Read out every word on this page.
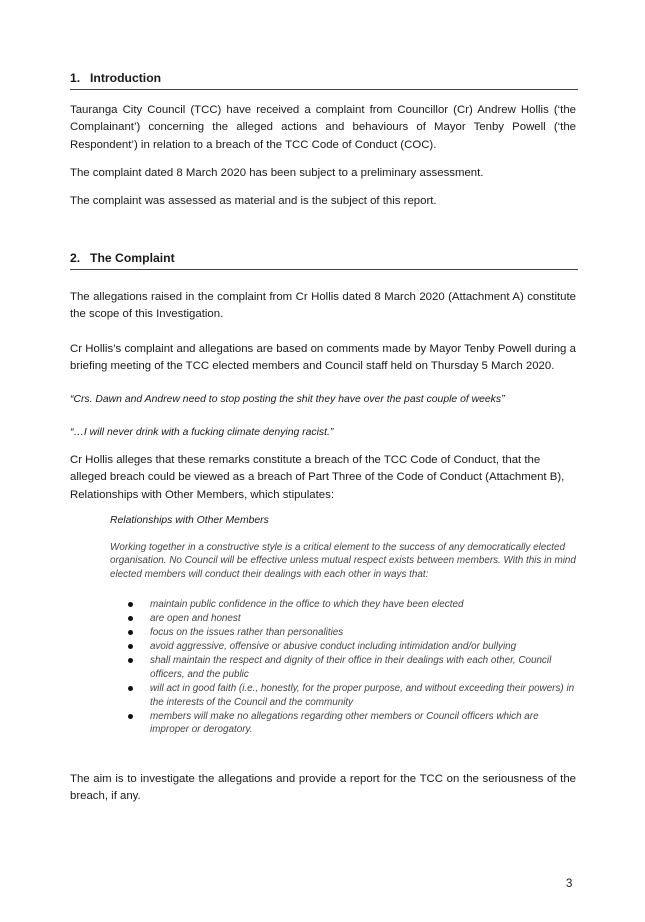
1. Introduction

Tauranga City Council (TCC) have received a complaint from Councillor (Cr) Andrew Hollis (‘the Complainant’) concerning the alleged actions and behaviours of Mayor Tenby Powell (‘the Respondent’) in relation to a breach of the TCC Code of Conduct (COC).

The complaint dated 8 March 2020 has been subject to a preliminary assessment.

The complaint was assessed as material and is the subject of this report.

2. The Complaint

The allegations raised in the complaint from Cr Hollis dated 8 March 2020 (Attachment A) constitute the scope of this Investigation.

Cr Hollis’s complaint and allegations are based on comments made by Mayor Tenby Powell during a briefing meeting of the TCC elected members and Council staff held on Thursday 5 March 2020.

“Crs. Dawn and Andrew need to stop posting the shit they have over the past couple of weeks”
“…I will never drink with a fucking climate denying racist.”

Cr Hollis alleges that these remarks constitute a breach of the TCC Code of Conduct, that the alleged breach could be viewed as a breach of Part Three of the Code of Conduct (Attachment B), Relationships with Other Members, which stipulates:

Relationships with Other Members

Working together in a constructive style is a critical element to the success of any democratically elected organisation. No Council will be effective unless mutual respect exists between members. With this in mind elected members will conduct their dealings with each other in ways that:

maintain public confidence in the office to which they have been elected
are open and honest
focus on the issues rather than personalities
avoid aggressive, offensive or abusive conduct including intimidation and/or bullying
shall maintain the respect and dignity of their office in their dealings with each other, Council officers, and the public
will act in good faith (i.e., honestly, for the proper purpose, and without exceeding their powers) in the interests of the Council and the community
members will make no allegations regarding other members or Council officers which are improper or derogatory.

The aim is to investigate the allegations and provide a report for the TCC on the seriousness of the breach, if any.

3
